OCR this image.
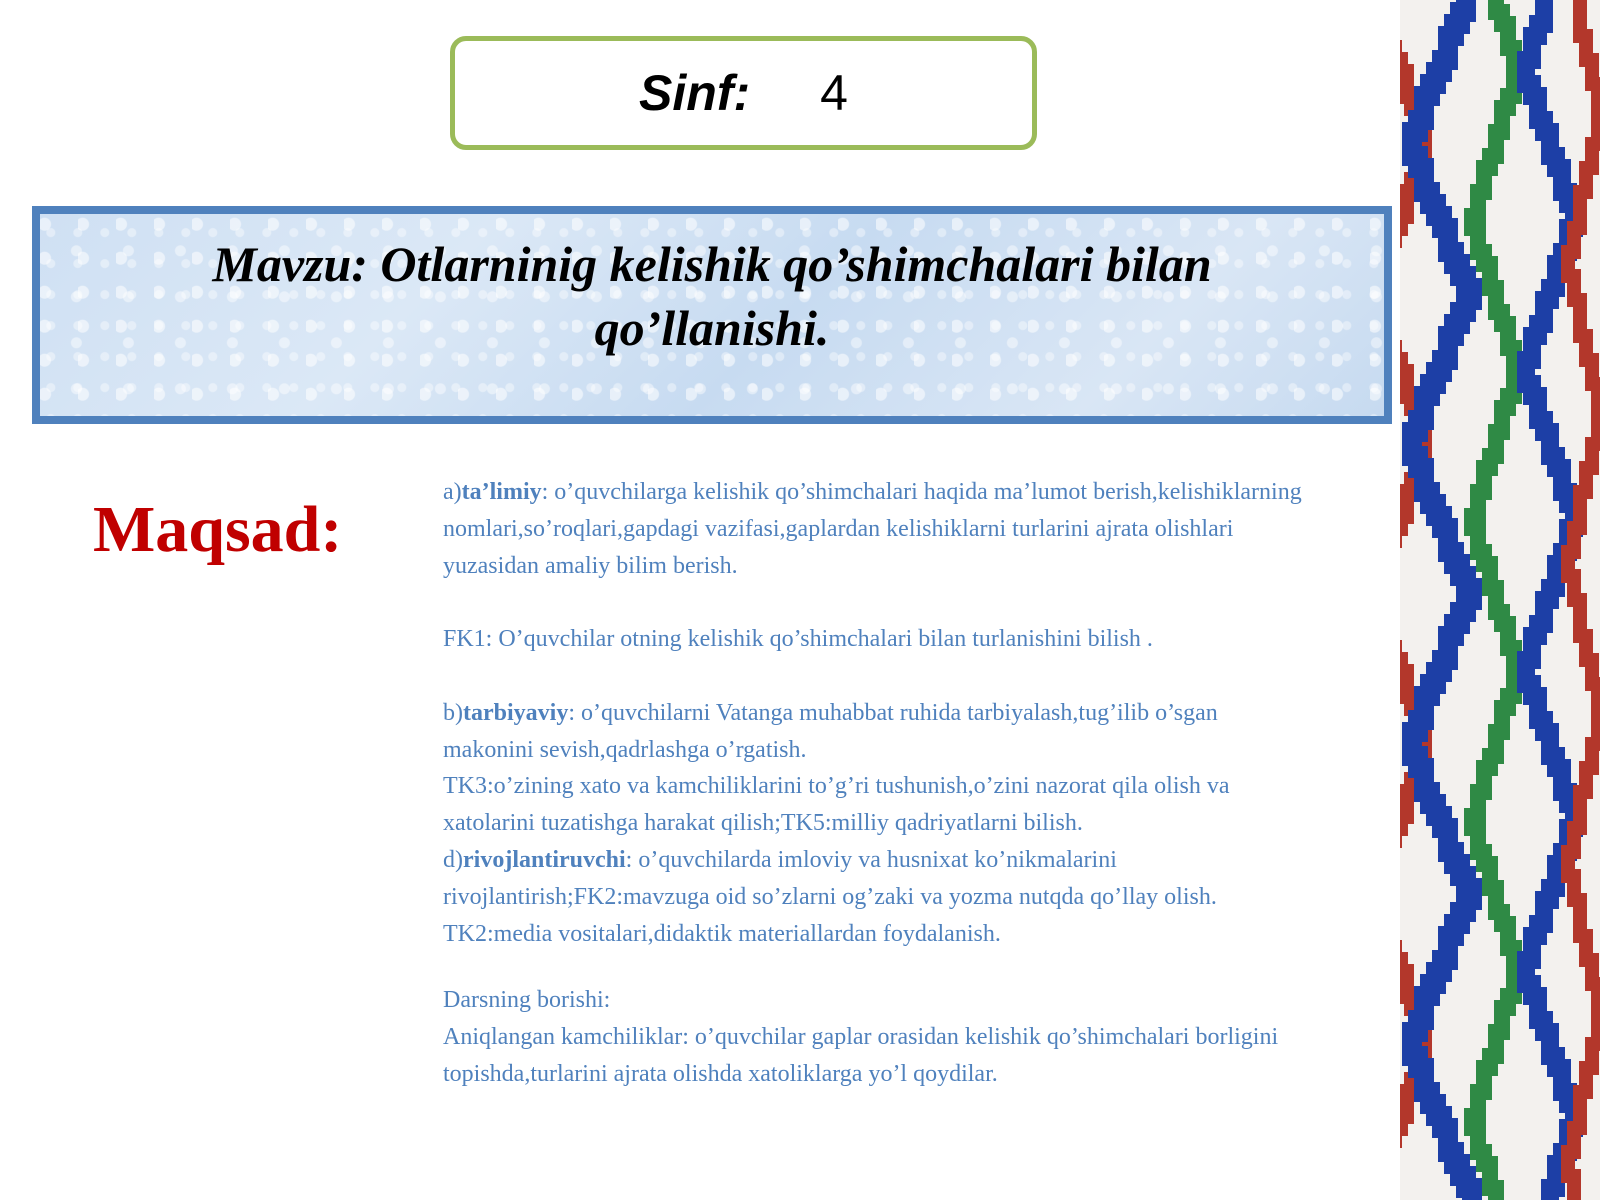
Sinf: 4
Mavzu: Otlarninig kelishik qo’shimchalari bilan
qo’llanishi.
Maqsad:

a)ta’limiy: o’quvchilarga kelishik qo’shimchalari haqida ma’lumot berish,kelishiklarning nomlari,so’roqlari,gapdagi vazifasi,gaplardan kelishiklarni turlarini ajrata olishlari yuzasidan amaliy bilim berish.

FK1: O’quvchilar otning kelishik qo’shimchalari bilan turlanishini bilish .

b)tarbiyaviy: o’quvchilarni Vatanga muhabbat ruhida tarbiyalash,tug’ilib o’sgan makonini sevish,qadrlashga o’rgatish.

TK3:o’zining xato va kamchiliklarini to’g’ri tushunish,o’zini nazorat qila olish va xatolarini tuzatishga harakat qilish;TK5:milliy qadriyatlarni bilish.

d)rivojlantiruvchi: o’quvchilarda imloviy va husnixat ko’nikmalarini rivojlantirish;FK2:mavzuga oid so’zlarni og’zaki va yozma nutqda qo’llay olish. TK2:media vositalari,didaktik materiallardan foydalanish.

Darsning borishi:

Aniqlangan kamchiliklar: o’quvchilar gaplar orasidan kelishik qo’shimchalari borligini topishda,turlarini ajrata olishda xatoliklarga yo’l qoydilar.
